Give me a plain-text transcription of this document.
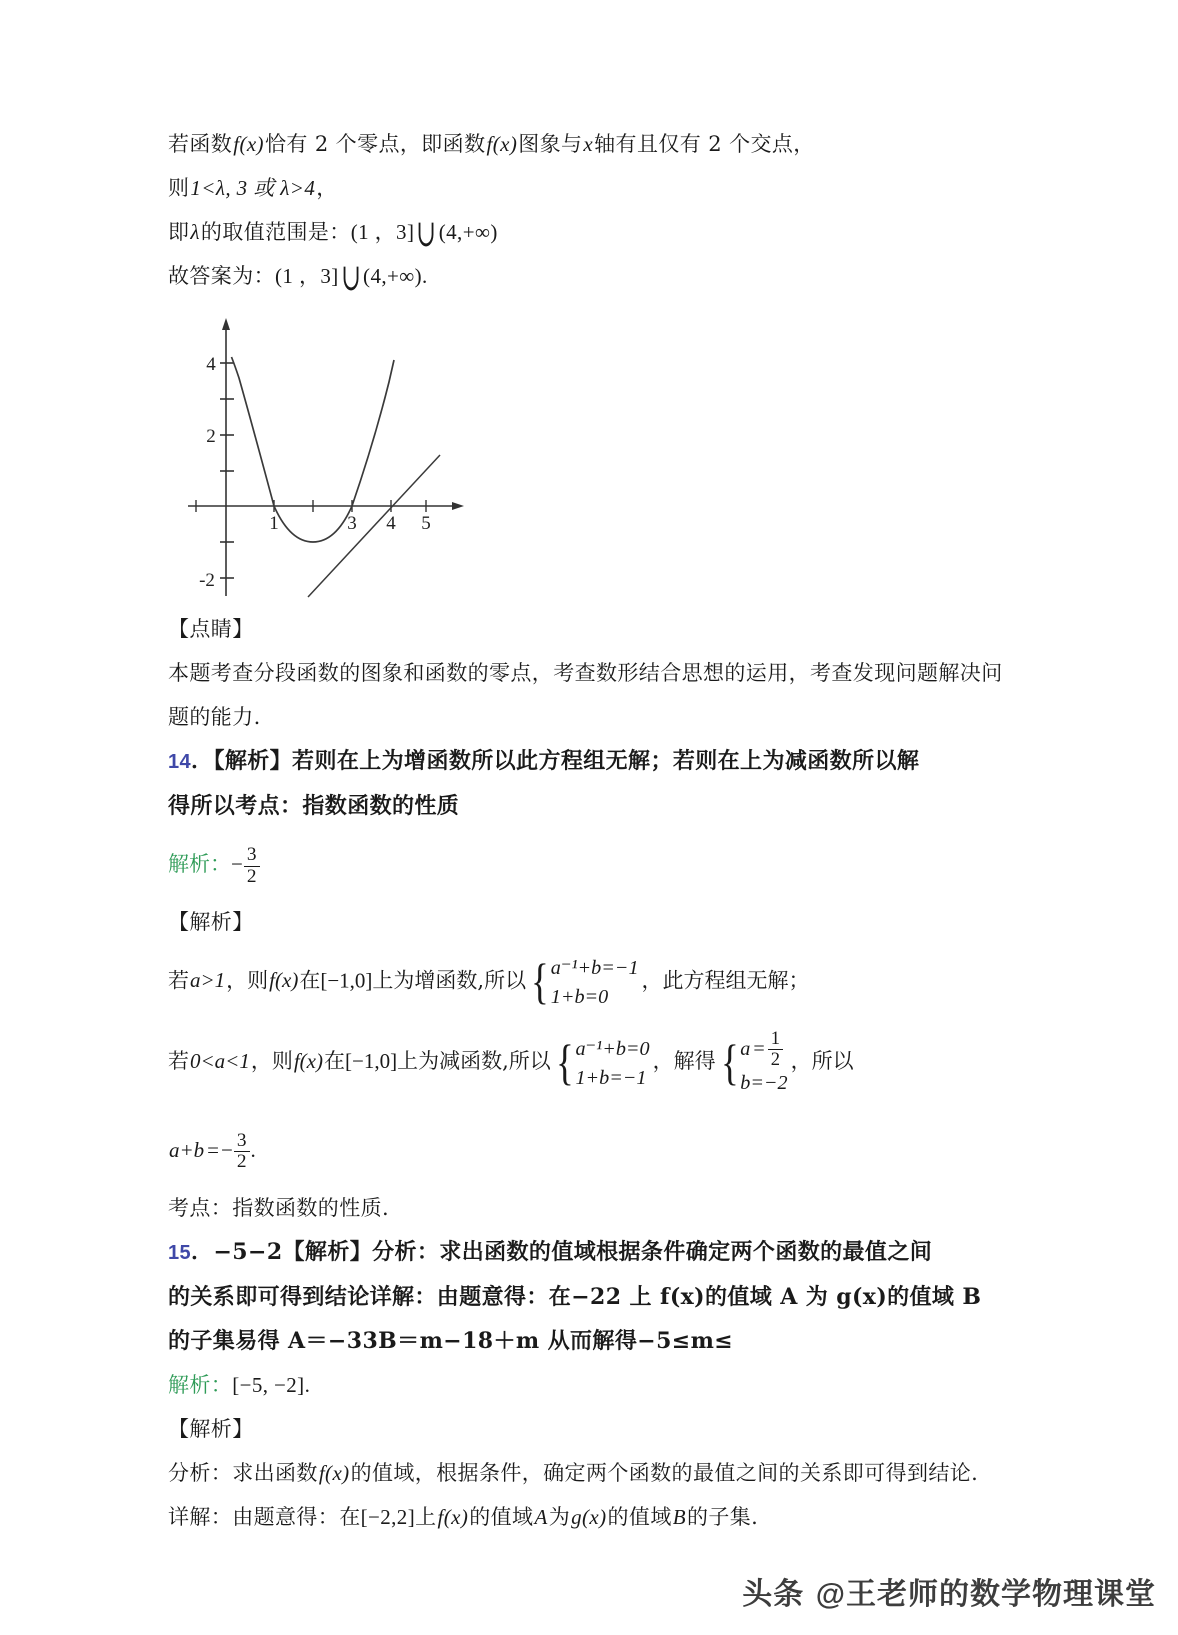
若函数f(x)恰有 2 个零点，即函数f(x)图象与x轴有且仅有 2 个交点，
则1<λ, 3 或 λ>4，
即λ的取值范围是：(1 ，3]∪ (4,+∞)
故答案为：(1 ，3]∪ (4,+∞).
4
2
-2
1	3 4 5
【点睛】
本题考查分段函数的图象和函数的零点，考查数形结合思想的运用，考查发现问题解决问
题的能力.
14．【解析】若则在上为增函数所以此方程组无解；若则在上为减函数所以解
得所以考点：指数函数的性质
解析：− $\frac{3}{2}$
【解析】
若a>1，则f(x)在[−1,0]上为增函数,所以 { a⁻¹+b=−1
1+b=0
，此方程组无解；
若0<a<1，则f(x)在[−1,0]上为减函数,所以 { a⁻¹+b=0
1+b=−1
，解得 { $a = \frac{1}{2}$
b=−2
，所以
$a+b =- \frac{3}{2}$ .
考点：指数函数的性质.
15．−5−2【解析】分析：求出函数的值域根据条件确定两个函数的最值之间
的关系即可得到结论详解：由题意得：在−22 上 f(x)的值域 A 为 g(x)的值域 B
的子集易得 A＝−33B＝m−18＋m 从而解得−5≤m≤
解析：[−5, −2].
【解析】
分析：求出函数f(x)的值域，根据条件，确定两个函数的最值之间的关系即可得到结论.
详解：由题意得：在[−2,2]上f(x)的值域A为g(x)的值域B的子集.
头条 @王老师的数学物理课堂
